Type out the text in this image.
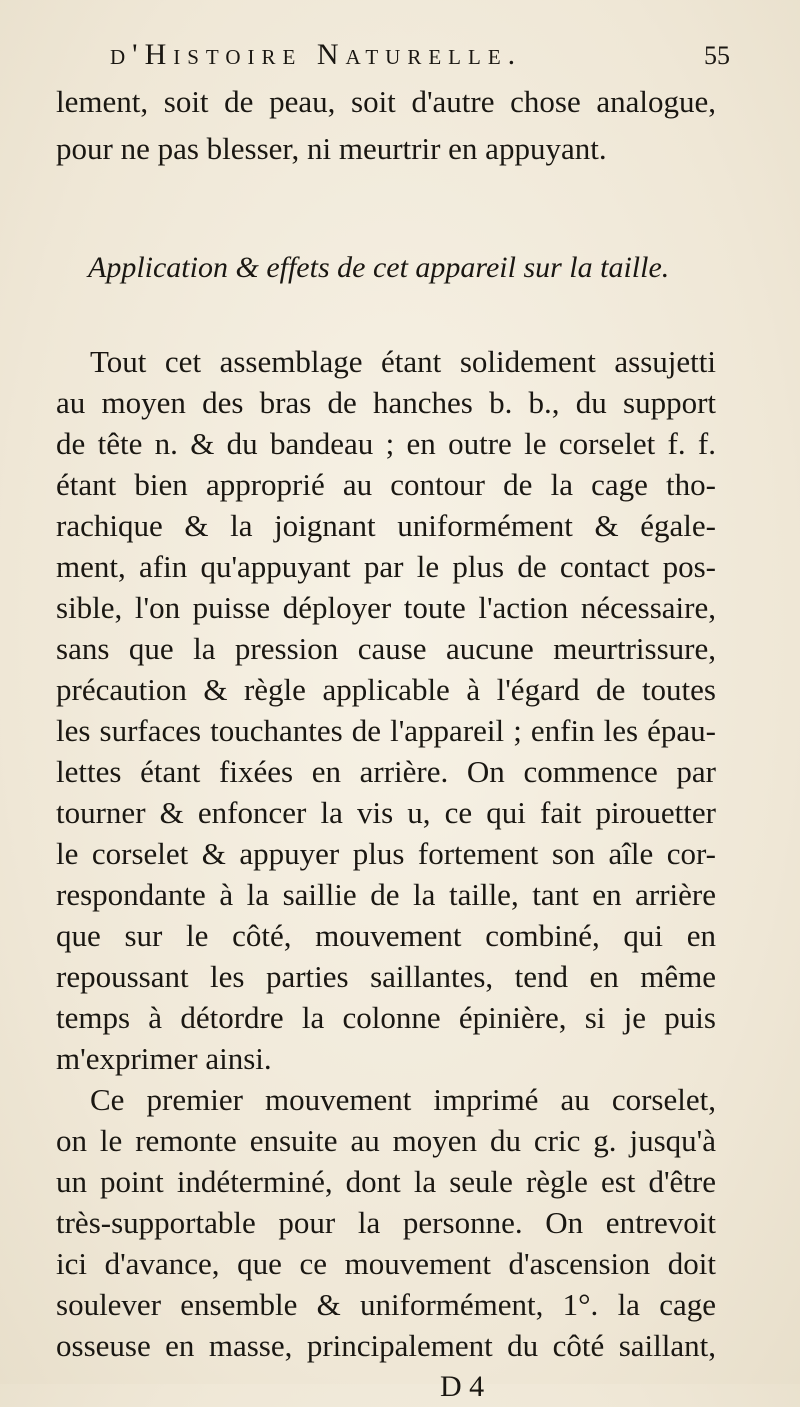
d'Histoire Naturelle.	55
lement, soit de peau, soit d'autre chose analogue,
pour ne pas blesser, ni meurtrir en appuyant.
Application & effets de cet appareil sur la taille.
Tout cet assemblage étant solidement assujetti
au moyen des bras de hanches b. b., du support
de tête n. & du bandeau ; en outre le corselet f. f.
étant bien approprié au contour de la cage tho-
rachique & la joignant uniformément & égale-
ment, afin qu'appuyant par le plus de contact pos-
sible, l'on puisse déployer toute l'action nécessaire,
sans que la pression cause aucune meurtrissure,
précaution & règle applicable à l'égard de toutes
les surfaces touchantes de l'appareil ; enfin les épau-
lettes étant fixées en arrière. On commence par
tourner & enfoncer la vis u, ce qui fait pirouetter
le corselet & appuyer plus fortement son aîle cor-
respondante à la saillie de la taille, tant en arrière
que sur le côté, mouvement combiné, qui en
repoussant les parties saillantes, tend en même
temps à détordre la colonne épinière, si je puis
m'exprimer ainsi.
Ce premier mouvement imprimé au corselet,
on le remonte ensuite au moyen du cric g. jusqu'à
un point indéterminé, dont la seule règle est d'être
très-supportable pour la personne. On entrevoit
ici d'avance, que ce mouvement d'ascension doit
soulever ensemble & uniformément, 1°. la cage
osseuse en masse, principalement du côté saillant,
D 4
